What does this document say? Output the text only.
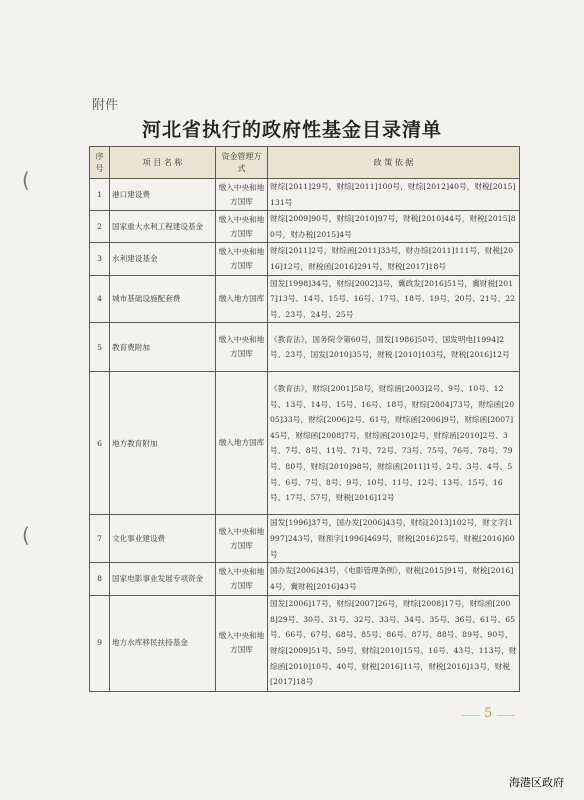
(
(
附件
河北省执行的政府性基金目录清单
序号	项 目 名 称	资金管理方式	政 策 依 据
1	港口建设费	缴入中央和地方国库	财综[2011]29号，财综[2011]100号，财综[2012]40号，财税[2015]131号
2	国家重大水利工程建设基金	缴入中央和地方国库	财综[2009]90号，财综[2010]97号，财税[2010]44号，财税[2015]80号，财办税[2015]4号
3	水利建设基金	缴入中央和地方国库	财综[2011]2号，财综函[2011]33号，财办综[2011]111号，财税[2016]12号，财税函[2016]291号，财税[2017]18号
4	城市基础设施配套费	缴入地方国库	国发[1998]34号，财综[2002]3号，冀政发[2016]51号，冀财税[2017]13号、14号、15号、16号、17号、18号、19号、20号、21号、22号、23号、24号、25号
5	教育费附加	缴入中央和地方国库	《教育法》，国务院令第60号，国发[1986]50号，国发明电[1994]2号、23号，国发[2010]35号，财税 [2010]103号，财税[2016]12号
6	地方教育附加	缴入地方国库	《教育法》，财综[2001]58号，财综函[2003]2号、9号、10号、12号、13号、14号、15号、16号、18号，财综[2004]73号，财综函[2005]33号，财综[2006]2号、61号，财综函[2006]9号，财综函[2007]45号，财综函[2008]7号，财综函[2010]2号，财综函[2010]2号、3号、7号、8号、11号、71号、72号、73号、75号、76号、78号、79号、80号，财综[2010]98号，财综函[2011]1号、2号、3号、4号、5号、6号、7号、8号、9号、10号、11号、12号、13号、15号、16号、17号、57号，财税[2016]12号
7	文化事业建设费	缴入中央和地方国库	国发[1996]37号，国办发[2006]43号，财综[2013]102号，财文字[1997]243号，财预字[1996]469号，财税[2016]25号，财税[2016]60号
8	国家电影事业发展专项资金	缴入中央和地方国库	国办发[2006]43号，《电影管理条例》，财税[2015]91号，财税[2016]4号，冀财税[2016]43号
9	地方水库移民扶持基金	缴入中央和地方国库	国发[2006]17号，财综[2007]26号，财综[2008]17号，财综函[2008]29号、30号、31号、32号、33号、34号、35号、36号、61号、65号、66号、67号、68号、85号、86号、87号、88号、89号、90号，财综[2009]51号、59号，财综[2010]15号、16号、43号、113号，财综函[2010]10号、40号，财税[2016]11号，财税[2016]13号，财税[2017]18号
5
海港区政府
